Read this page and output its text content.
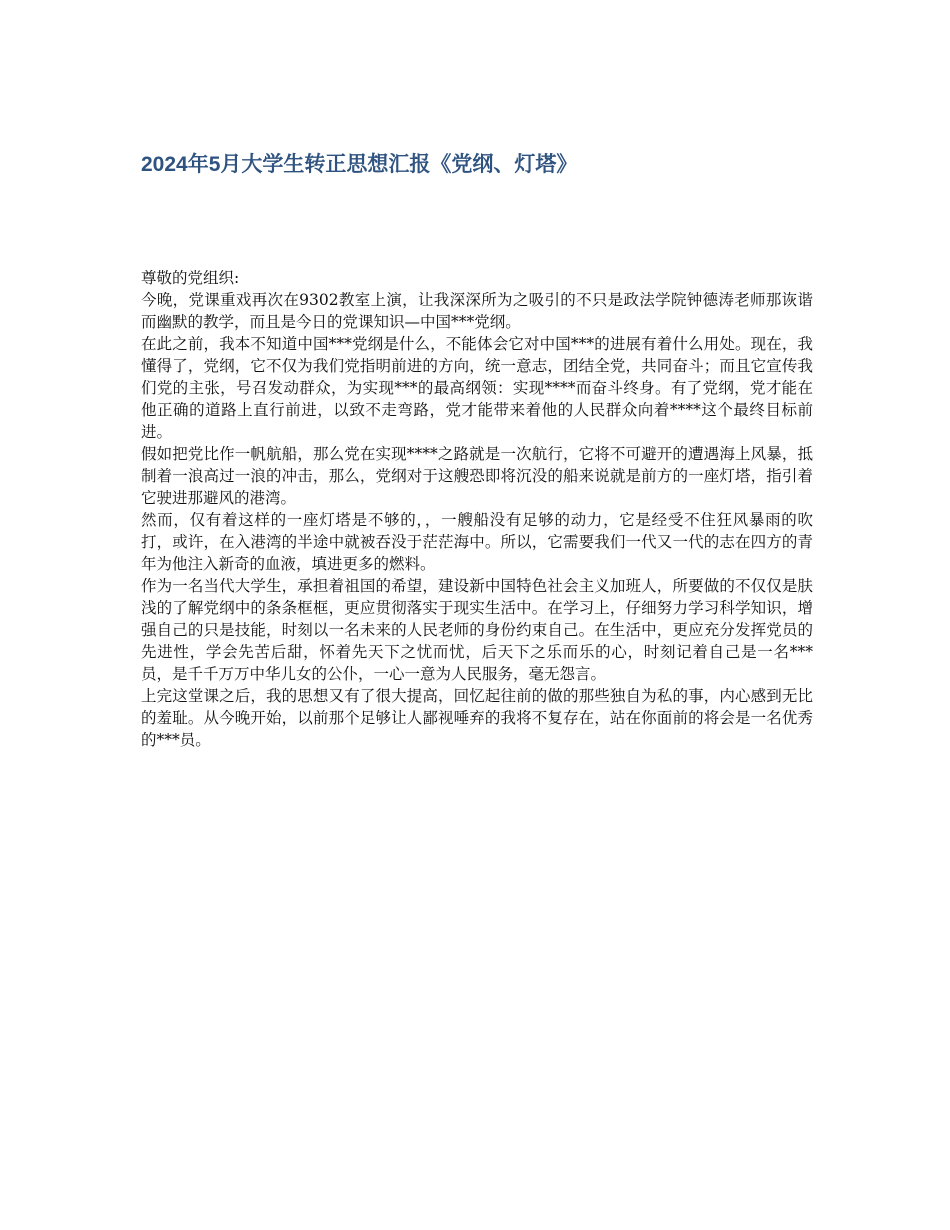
2024年5月大学生转正思想汇报《党纲、灯塔》

尊敬的党组织:

今晚，党课重戏再次在9302教室上演，让我深深所为之吸引的不只是政法学院钟德涛老师那诙谐而幽默的教学，而且是今日的党课知识—中国***党纲。

在此之前，我本不知道中国***党纲是什么，不能体会它对中国***的进展有着什么用处。现在，我懂得了，党纲，它不仅为我们党指明前进的方向，统一意志，团结全党，共同奋斗；而且它宣传我们党的主张，号召发动群众，为实现***的最高纲领：实现****而奋斗终身。有了党纲，党才能在他正确的道路上直行前进，以致不走弯路，党才能带来着他的人民群众向着****这个最终目标前进。

假如把党比作一帆航船，那么党在实现****之路就是一次航行，它将不可避开的遭遇海上风暴，抵制着一浪高过一浪的冲击，那么，党纲对于这艘恐即将沉没的船来说就是前方的一座灯塔，指引着它驶进那避风的港湾。

然而，仅有着这样的一座灯塔是不够的，，一艘船没有足够的动力，它是经受不住狂风暴雨的吹打，或许，在入港湾的半途中就被吞没于茫茫海中。所以，它需要我们一代又一代的志在四方的青年为他注入新奇的血液，填进更多的燃料。

作为一名当代大学生，承担着祖国的希望，建设新中国特色社会主义加班人，所要做的不仅仅是肤浅的了解党纲中的条条框框，更应贯彻落实于现实生活中。在学习上，仔细努力学习科学知识，增强自己的只是技能，时刻以一名未来的人民老师的身份约束自己。在生活中，更应充分发挥党员的先进性，学会先苦后甜，怀着先天下之忧而忧，后天下之乐而乐的心，时刻记着自己是一名***员，是千千万万中华儿女的公仆，一心一意为人民服务，毫无怨言。

上完这堂课之后，我的思想又有了很大提高，回忆起往前的做的那些独自为私的事，内心感到无比的羞耻。从今晚开始，以前那个足够让人鄙视唾弃的我将不复存在，站在你面前的将会是一名优秀的***员。
